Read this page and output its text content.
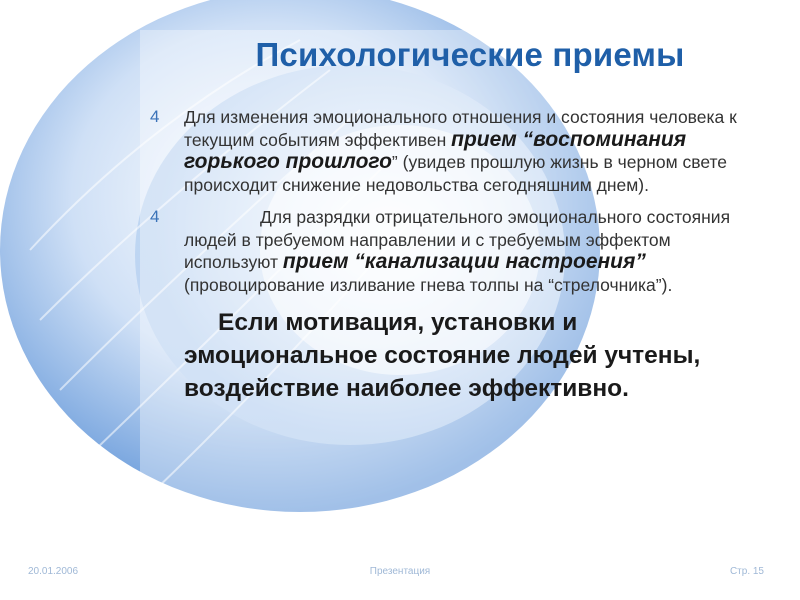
Психологические приемы
4 Для изменения эмоционального отношения и состояния человека к текущим событиям эффективен прием “воспоминания горького прошлого” (увидев прошлую жизнь в черном свете происходит снижение недовольства сегодняшним днем).
4	Для разрядки отрицательного эмоционального состояния людей в требуемом направлении и с требуемым эффектом используют прием “канализации настроения” (провоцирование изливание гнева толпы на “стрелочника”).
Если мотивация, установки и эмоциональное состояние людей учтены, воздействие наиболее эффективно.
20.01.2006	Презентация	Стр. 15
